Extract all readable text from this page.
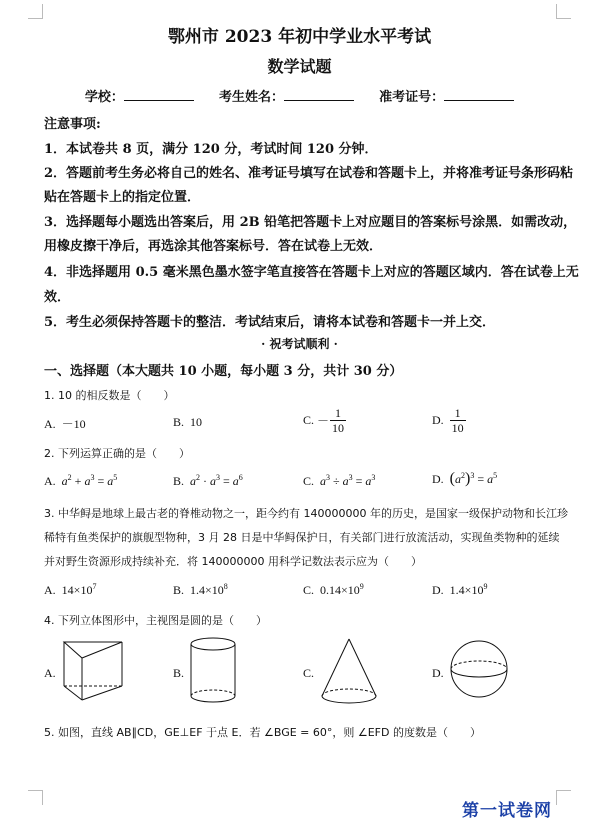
鄂州市 2023 年初中学业水平考试
数学试题
学校：	考生姓名：	准考证号：
注意事项:
1．本试卷共 8 页，满分 120 分，考试时间 120 分钟．
2．答题前考生务必将自己的姓名、准考证号填写在试卷和答题卡上，并将准考证号条形码粘
贴在答题卡上的指定位置．
3．选择题每小题选出答案后，用 2B 铅笔把答题卡上对应题目的答案标号涂黑．如需改动，
用橡皮擦干净后，再选涂其他答案标号．答在试卷上无效．
4．非选择题用 0.5 毫米黑色墨水签字笔直接答在答题卡上对应的答题区域内．答在试卷上无
效．
5．考生必须保持答题卡的整洁．考试结束后，请将本试卷和答题卡一并上交．
· 祝考试顺利 ·
一、选择题（本大题共 10 小题，每小题 3 分，共计 30 分）
1. 10 的相反数是（　　）
A. －10	B. 10	C. － $\frac{1}{10}$	D. $\frac{1}{10}$
2. 下列运算正确的是（　　）
A. $a^2 + a^3 = a^5$	B. $a^2 \cdot a^3 = a^6$	C. $a^3 \div a^3 = a^3$	D. $(a^2)^3 = a^5$
3. 中华鲟是地球上最古老的脊椎动物之一，距今约有 140000000 年的历史，是国家一级保护动物和长江珍
稀特有鱼类保护的旗舰型物种，3 月 28 日是中华鲟保护日，有关部门进行放流活动，实现鱼类物种的延续
并对野生资源形成持续补充．将 140000000 用科学记数法表示应为（　　）
A. $14\times 10^7$	B. $1.4\times 10^8$	C. $0.14\times 10^9$	D. $1.4\times 10^9$
4. 下列立体图形中，主视图是圆的是（　　）
A.	B.	C.	D.
5. 如图，直线 AB∥CD，GE⊥EF 于点 E．若 ∠BGE = 60°，则 ∠EFD 的度数是（　　）
第一试卷网
